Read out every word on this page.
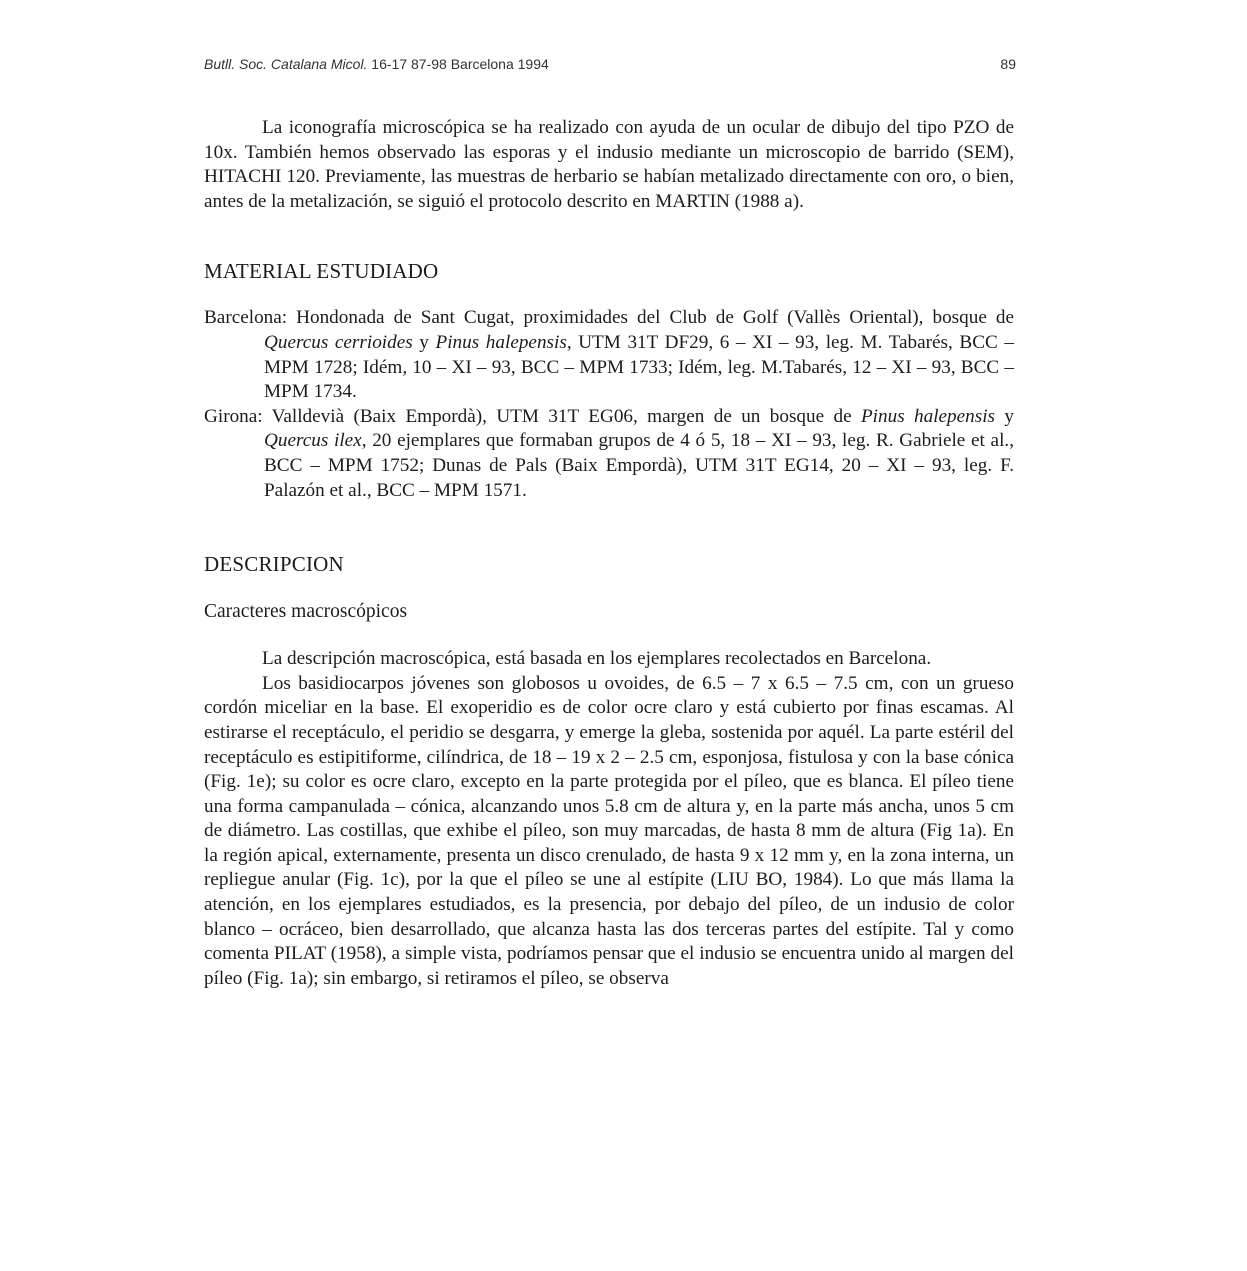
Butll. Soc. Catalana Micol. 16-17 87-98 Barcelona 1994	89

La iconografía microscópica se ha realizado con ayuda de un ocular de dibujo del tipo PZO de 10x. También hemos observado las esporas y el indusio mediante un microscopio de barrido (SEM), HITACHI 120. Previamente, las muestras de herbario se habían metalizado directamente con oro, o bien, antes de la metalización, se siguió el protocolo descrito en MARTIN (1988 a).

MATERIAL ESTUDIADO

Barcelona: Hondonada de Sant Cugat, proximidades del Club de Golf (Vallès Oriental), bosque de Quercus cerrioides y Pinus halepensis, UTM 31T DF29, 6 – XI – 93, leg. M. Tabarés, BCC – MPM 1728; Idém, 10 – XI – 93, BCC – MPM 1733; Idém, leg. M.Tabarés, 12 – XI – 93, BCC – MPM 1734.

Girona: Valldevià (Baix Empordà), UTM 31T EG06, margen de un bosque de Pinus halepensis y Quercus ilex, 20 ejemplares que formaban grupos de 4 ó 5, 18 – XI – 93, leg. R. Gabriele et al., BCC – MPM 1752; Dunas de Pals (Baix Empordà), UTM 31T EG14, 20 – XI – 93, leg. F. Palazón et al., BCC – MPM 1571.

DESCRIPCION
Caracteres macroscópicos

La descripción macroscópica, está basada en los ejemplares recolectados en Barcelona.

Los basidiocarpos jóvenes son globosos u ovoides, de 6.5 – 7 x 6.5 – 7.5 cm, con un grueso cordón miceliar en la base. El exoperidio es de color ocre claro y está cubierto por finas escamas. Al estirarse el receptáculo, el peridio se desgarra, y emerge la gleba, sostenida por aquél. La parte estéril del receptáculo es estipitiforme, cilíndrica, de 18 – 19 x 2 – 2.5 cm, esponjosa, fistulosa y con la base cónica (Fig. 1e); su color es ocre claro, excepto en la parte protegida por el píleo, que es blanca. El píleo tiene una forma campanulada – cónica, alcanzando unos 5.8 cm de altura y, en la parte más ancha, unos 5 cm de diámetro. Las costillas, que exhibe el píleo, son muy marcadas, de hasta 8 mm de altura (Fig 1a). En la región apical, externamente, presenta un disco crenulado, de hasta 9 x 12 mm y, en la zona interna, un repliegue anular (Fig. 1c), por la que el píleo se une al estípite (LIU BO, 1984). Lo que más llama la atención, en los ejemplares estudiados, es la presencia, por debajo del píleo, de un indusio de color blanco – ocráceo, bien desarrollado, que alcanza hasta las dos terceras partes del estípite. Tal y como comenta PILAT (1958), a simple vista, podríamos pensar que el indusio se encuentra unido al margen del píleo (Fig. 1a); sin embargo, si retiramos el píleo, se observa
